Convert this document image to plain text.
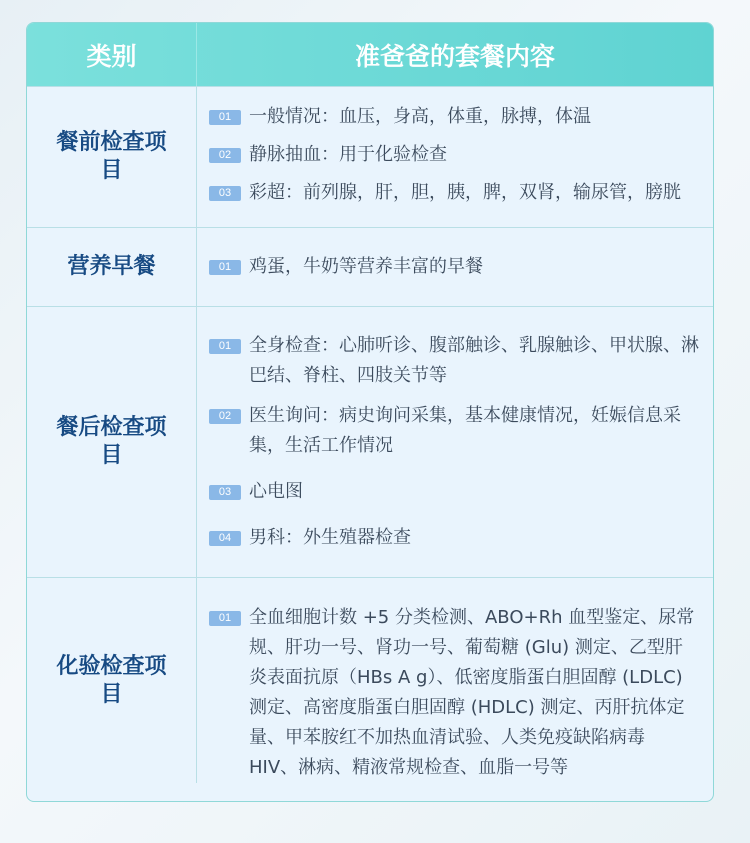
类别	准爸爸的套餐内容
餐前检查项目
01 一般情况：血压，身高，体重，脉搏，体温
02 静脉抽血：用于化验检查
03 彩超：前列腺，肝，胆，胰，脾，双肾，输尿管，膀胱
营养早餐	01 鸡蛋，牛奶等营养丰富的早餐
餐后检查项目
01 全身检查：心肺听诊、腹部触诊、乳腺触诊、甲状腺、淋巴结、脊柱、四肢关节等
02 医生询问：病史询问采集，基本健康情况，妊娠信息采集，生活工作情况
03 心电图
04 男科：外生殖器检查
化验检查项目
01 全血细胞计数 +5 分类检测、ABO+Rh 血型鉴定、尿常规、肝功一号、肾功一号、葡萄糖 (Glu) 测定、乙型肝炎表面抗原（HBs A g）、低密度脂蛋白胆固醇 (LDLC) 测定、高密度脂蛋白胆固醇 (HDLC) 测定、丙肝抗体定量、甲苯胺红不加热血清试验、人类免疫缺陷病毒 HIV、淋病、精液常规检查、血脂一号等
